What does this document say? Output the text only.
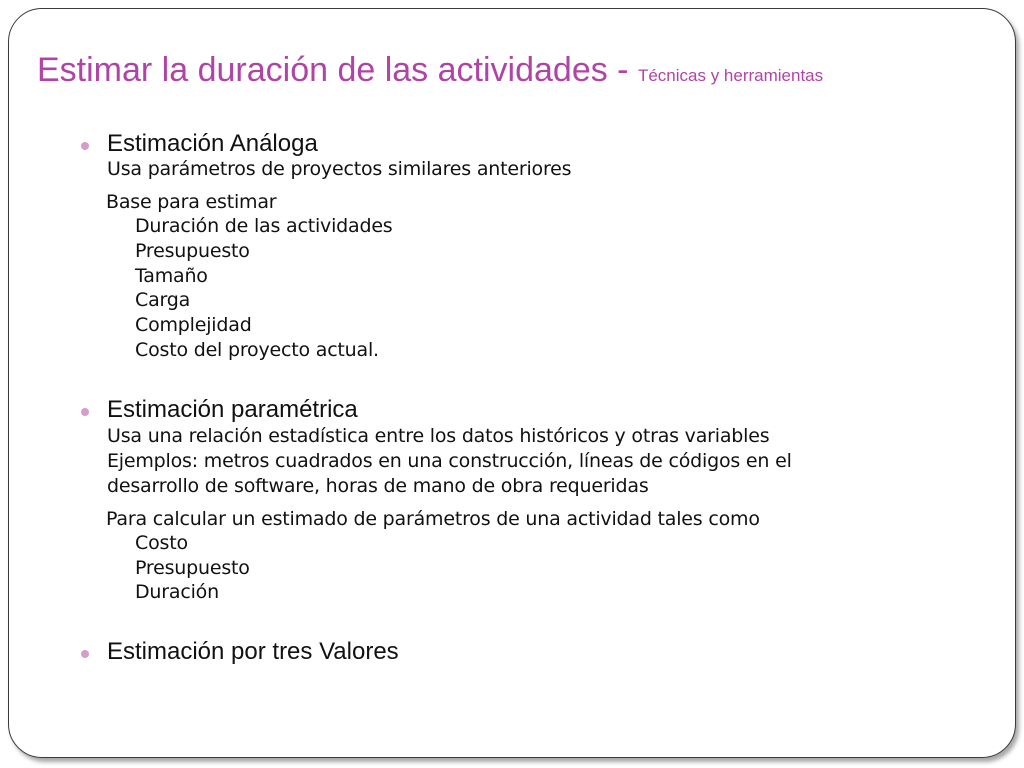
Estimar la duración de las actividades - Técnicas y herramientas
Estimación Análoga
Usa parámetros de proyectos similares anteriores
Base para estimar
Duración de las actividades
Presupuesto
Tamaño
Carga
Complejidad
Costo del proyecto actual.
Estimación paramétrica
Usa una relación estadística entre los datos históricos y otras variables
Ejemplos: metros cuadrados en una construcción, líneas de códigos en el
desarrollo de software, horas de mano de obra requeridas
Para calcular un estimado de parámetros de una actividad tales como
Costo
Presupuesto
Duración
Estimación por tres Valores
